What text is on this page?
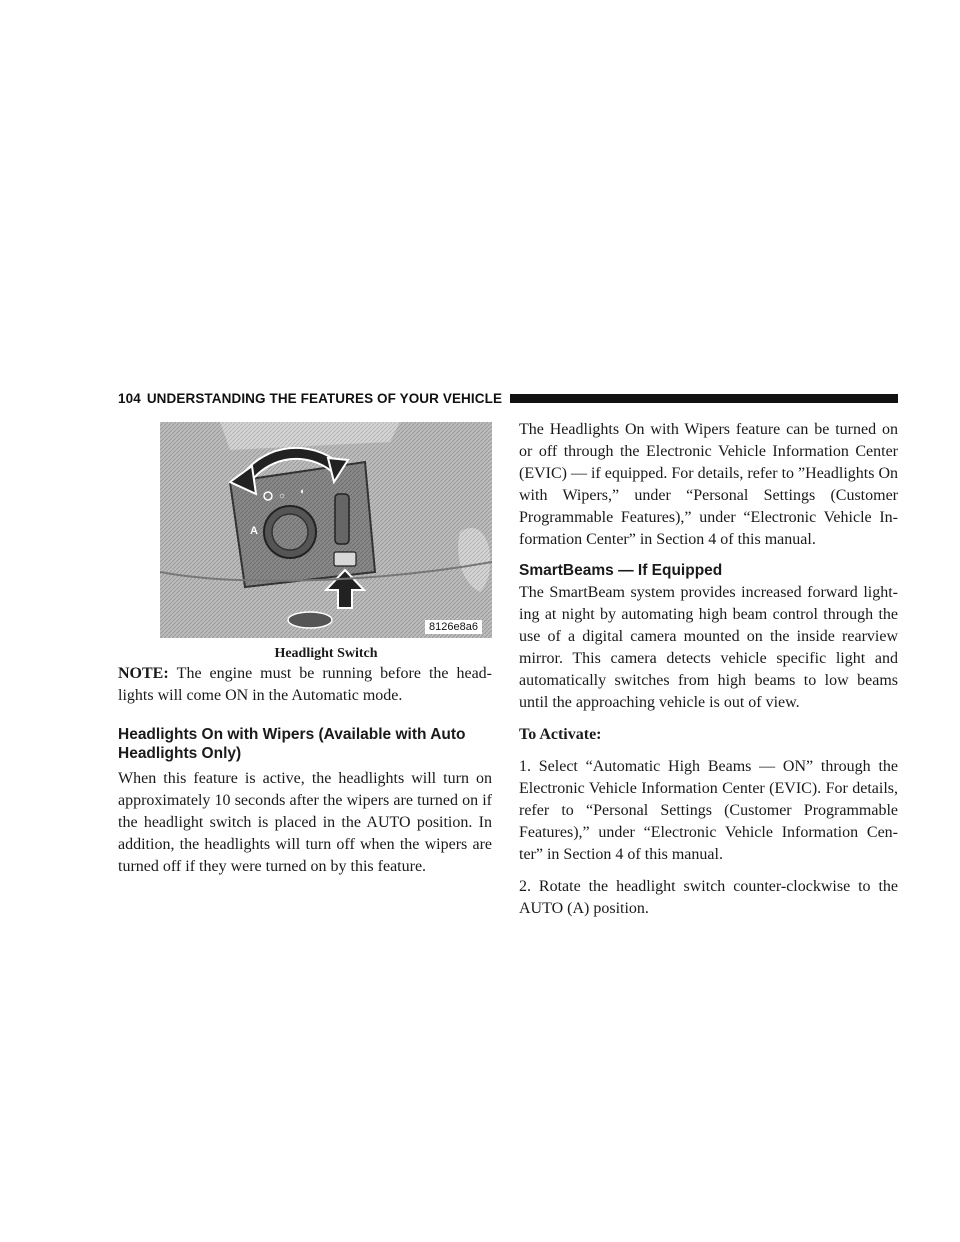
104 UNDERSTANDING THE FEATURES OF YOUR VEHICLE
A
☼ ◐
8126e8a6
Headlight Switch

NOTE: The engine must be running before the head- lights will come ON in the Automatic mode.

Headlights On with Wipers (Available with Auto Headlights Only)

When this feature is active, the headlights will turn on approximately 10 seconds after the wipers are turned on if the headlight switch is placed in the AUTO position. In addition, the headlights will turn off when the wipers are turned off if they were turned on by this feature.

The Headlights On with Wipers feature can be turned on or off through the Electronic Vehicle Information Center (EVIC) — if equipped. For details, refer to ”Headlights On with Wipers,” under “Personal Settings (Customer Programmable Features),” under “Electronic Vehicle In- formation Center” in Section 4 of this manual.

SmartBeams — If Equipped

The SmartBeam system provides increased forward light- ing at night by automating high beam control through the use of a digital camera mounted on the inside rearview mirror. This camera detects vehicle specific light and automatically switches from high beams to low beams until the approaching vehicle is out of view.

To Activate:

1. Select “Automatic High Beams — ON” through the Electronic Vehicle Information Center (EVIC). For details, refer to “Personal Settings (Customer Programmable Features),” under “Electronic Vehicle Information Cen- ter” in Section 4 of this manual.

2. Rotate the headlight switch counter-clockwise to the AUTO (A) position.
